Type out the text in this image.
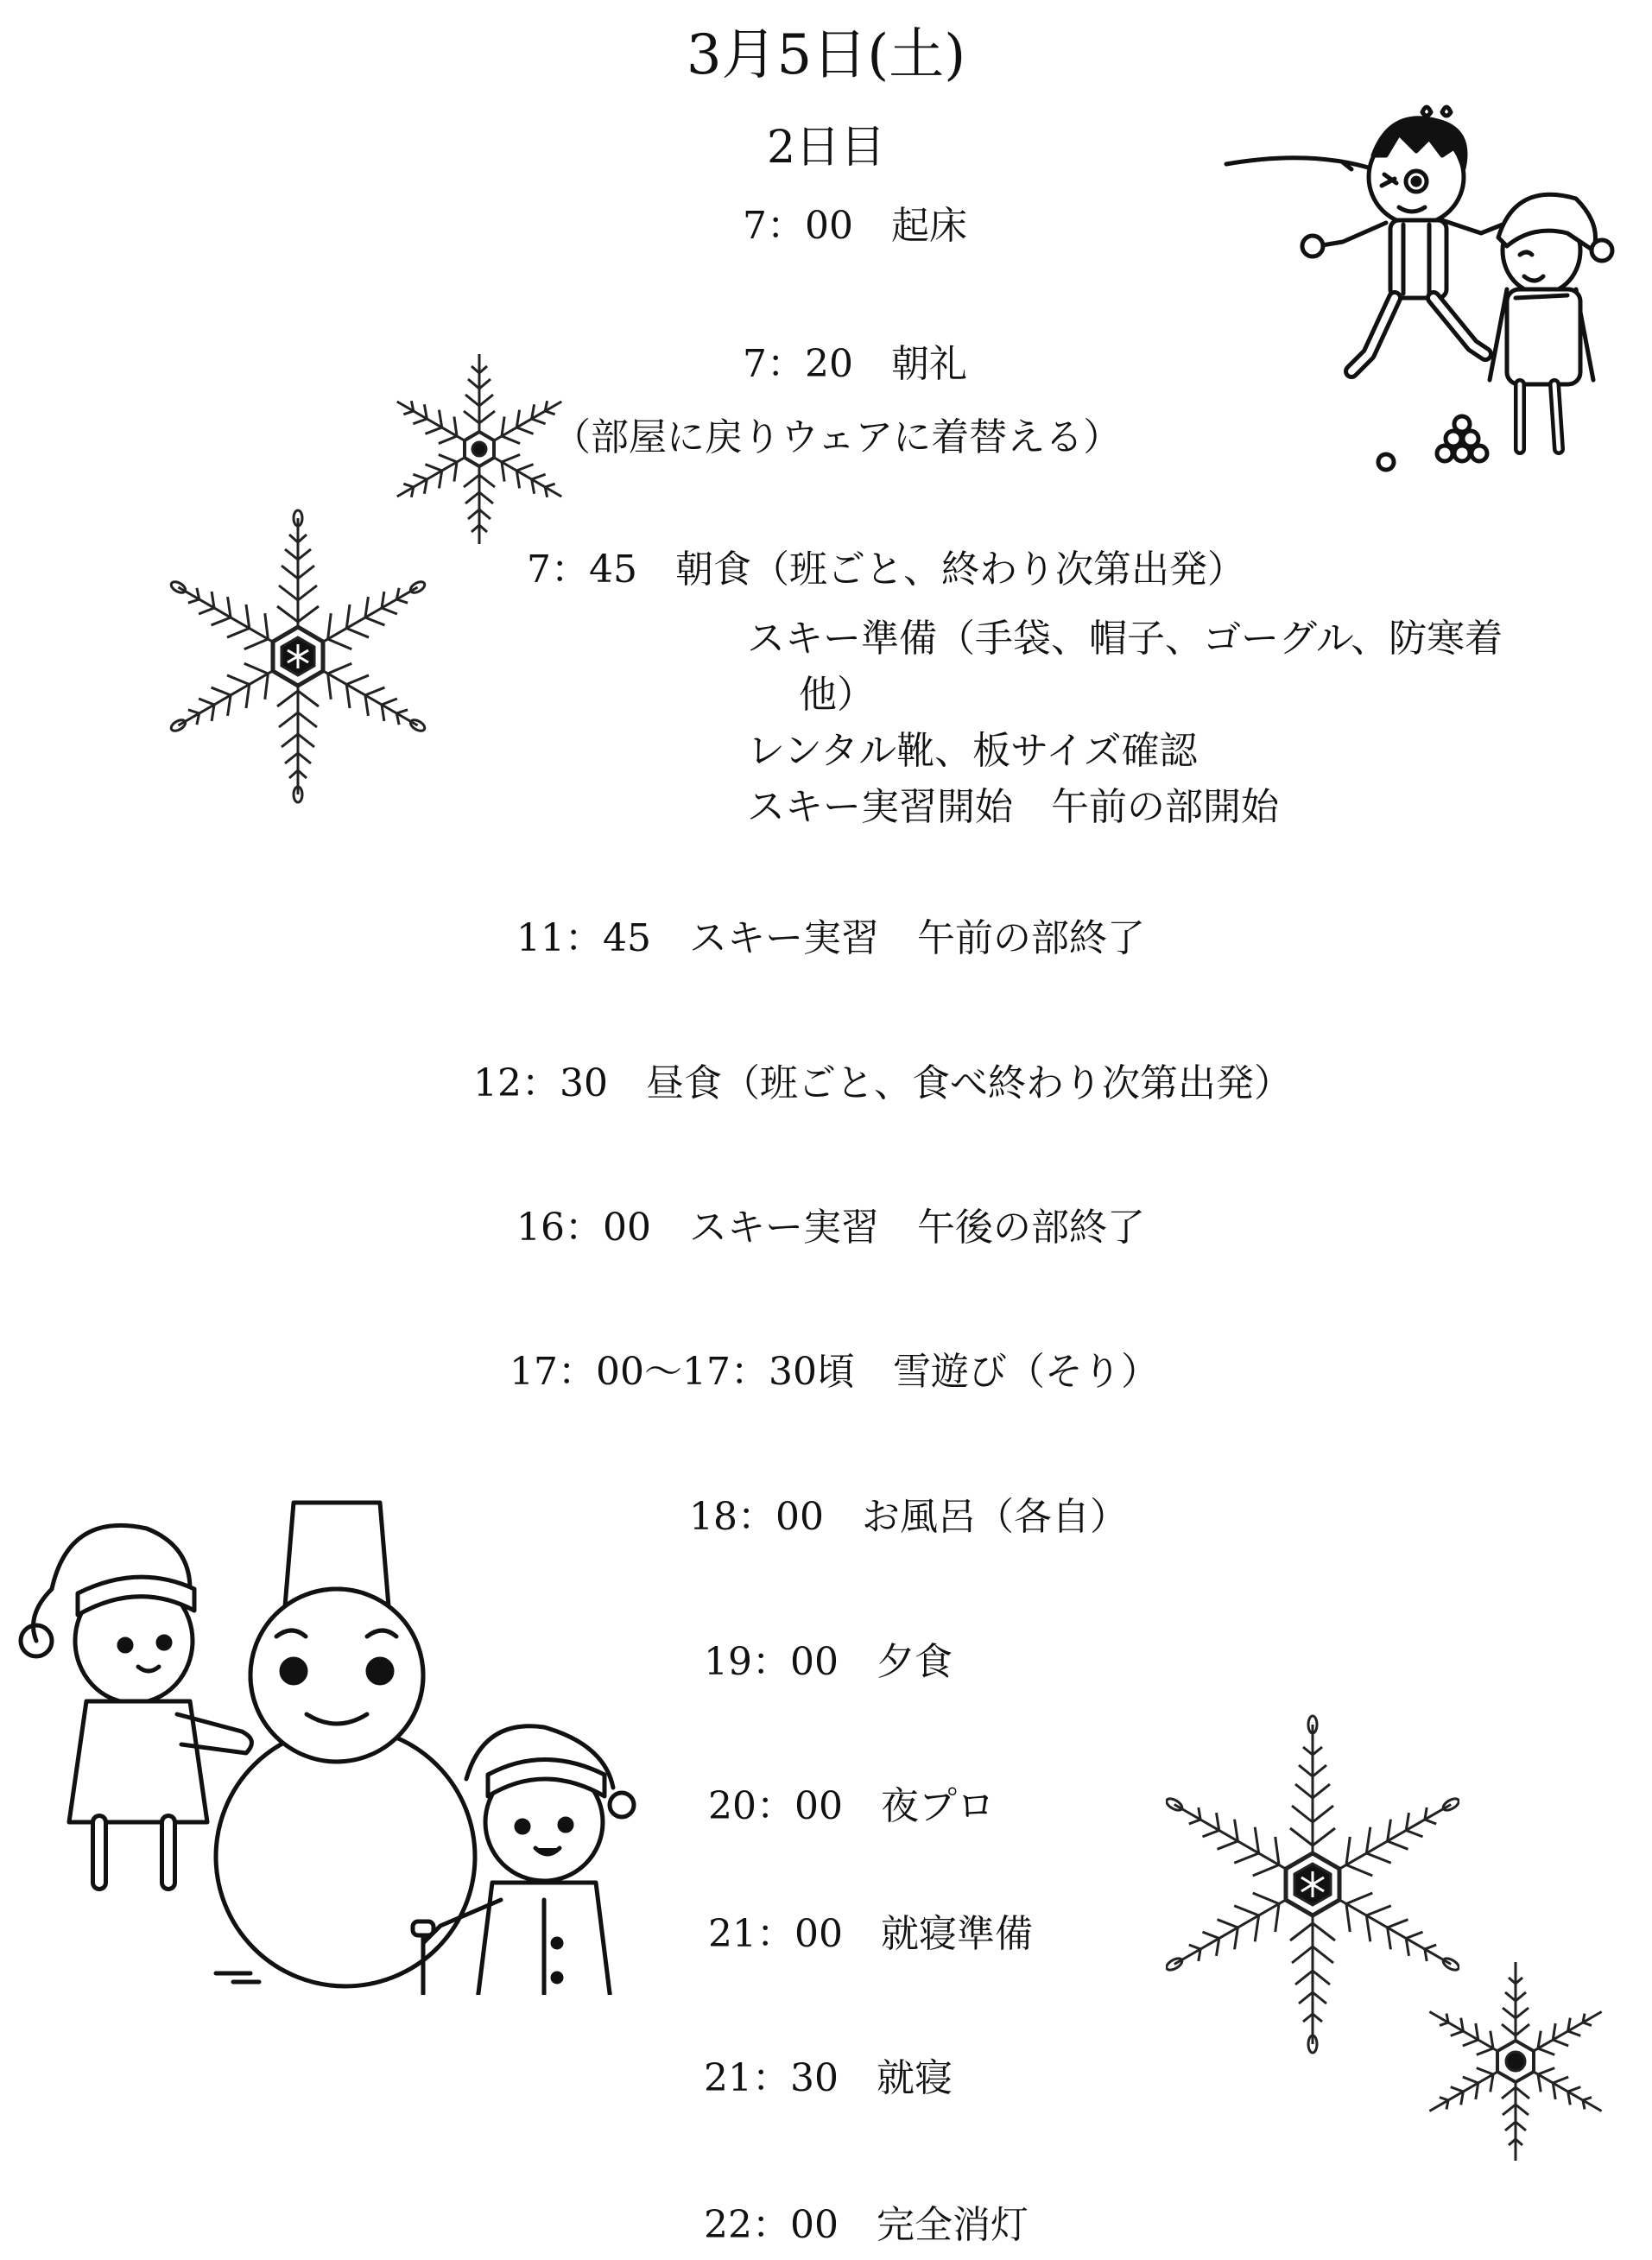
3月5日(土)
2日目
7：00　起床
7：20　朝礼
（部屋に戻りウェアに着替える）
7：45　朝食（班ごと、終わり次第出発）
スキー準備（手袋、帽子、ゴーグル、防寒着
他）
レンタル靴、板サイズ確認
スキー実習開始　午前の部開始
11：45　スキー実習　午前の部終了
12：30　昼食（班ごと、食べ終わり次第出発）
16：00　スキー実習　午後の部終了
17：00～17：30頃　雪遊び（そり）
18：00　お風呂（各自）
19：00　夕食
20：00　夜プロ
21：00　就寝準備
21：30　就寝
22：00　完全消灯
